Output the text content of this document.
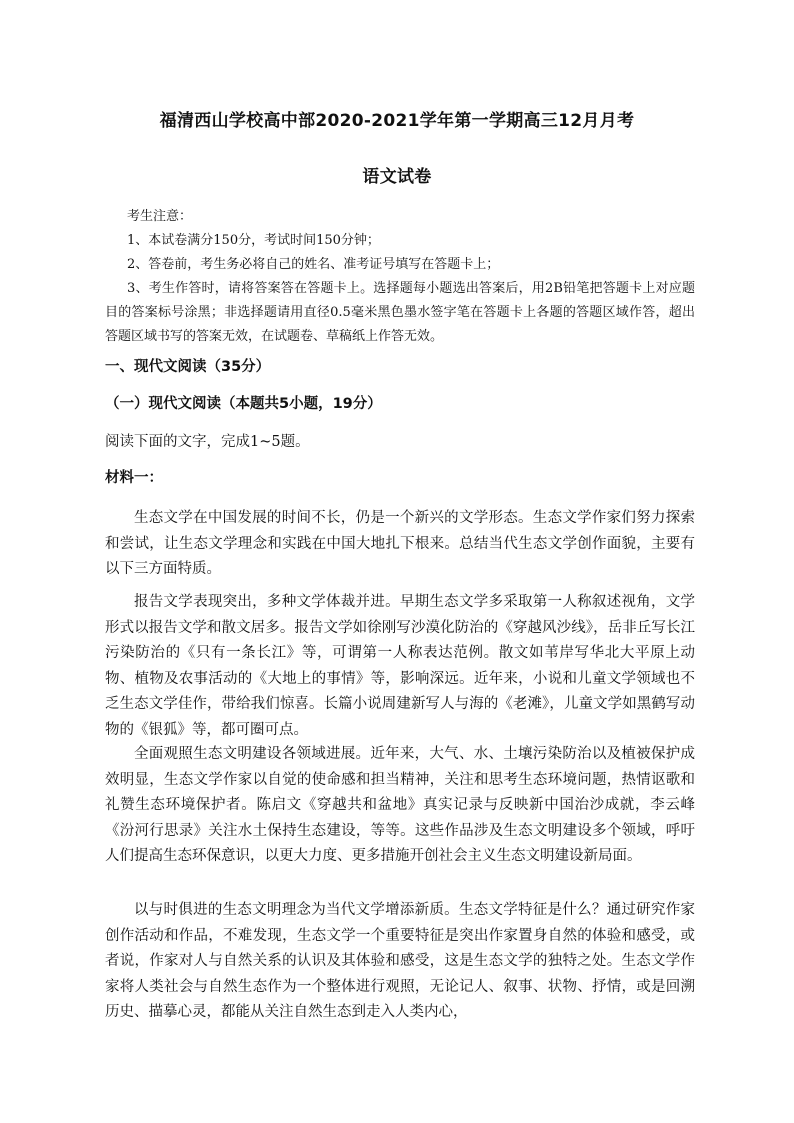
福清西山学校高中部2020-2021学年第一学期高三12月月考
语文试卷
考生注意：
1、本试卷满分150分，考试时间150分钟；
2、答卷前，考生务必将自己的姓名、准考证号填写在答题卡上；
3、考生作答时，请将答案答在答题卡上。选择题每小题选出答案后，用2B铅笔把答题卡上对应题目的答案标号涂黑；非选择题请用直径0.5毫米黑色墨水签字笔在答题卡上各题的答题区域作答，超出答题区域书写的答案无效，在试题卷、草稿纸上作答无效。
一、现代文阅读（35分）
（一）现代文阅读（本题共5小题，19分）
阅读下面的文字，完成1~5题。
材料一：
生态文学在中国发展的时间不长，仍是一个新兴的文学形态。生态文学作家们努力探索和尝试，让生态文学理念和实践在中国大地扎下根来。总结当代生态文学创作面貌，主要有以下三方面特质。
报告文学表现突出，多种文学体裁并进。早期生态文学多采取第一人称叙述视角，文学形式以报告文学和散文居多。报告文学如徐刚写沙漠化防治的《穿越风沙线》，岳非丘写长江污染防治的《只有一条长江》等，可谓第一人称表达范例。散文如苇岸写华北大平原上动物、植物及农事活动的《大地上的事情》等，影响深远。近年来，小说和儿童文学领域也不乏生态文学佳作，带给我们惊喜。长篇小说周建新写人与海的《老滩》，儿童文学如黑鹤写动物的《银狐》等，都可圈可点。
全面观照生态文明建设各领域进展。近年来，大气、水、土壤污染防治以及植被保护成效明显，生态文学作家以自觉的使命感和担当精神，关注和思考生态环境问题，热情讴歌和礼赞生态环境保护者。陈启文《穿越共和盆地》真实记录与反映新中国治沙成就，李云峰《汾河行思录》关注水土保持生态建设，等等。这些作品涉及生态文明建设多个领域，呼吁人们提高生态环保意识，以更大力度、更多措施开创社会主义生态文明建设新局面。
以与时俱进的生态文明理念为当代文学增添新质。生态文学特征是什么？通过研究作家创作活动和作品，不难发现，生态文学一个重要特征是突出作家置身自然的体验和感受，或者说，作家对人与自然关系的认识及其体验和感受，这是生态文学的独特之处。生态文学作家将人类社会与自然生态作为一个整体进行观照，无论记人、叙事、状物、抒情，或是回溯历史、描摹心灵，都能从关注自然生态到走入人类内心，
